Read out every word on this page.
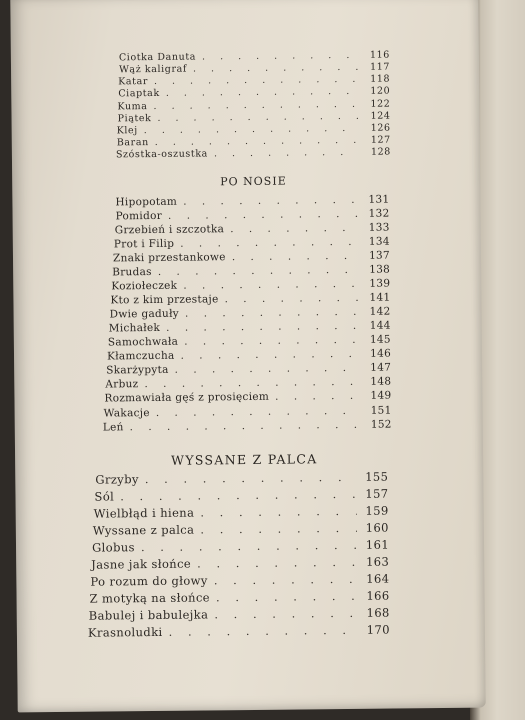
Ciotka Danuta . . .	116
Wąż kaligraf . . .	117
Katar . . .	118
Ciaptak . . .	120
Kuma . . .	122
Piątek . . .	124
Klej . . .	126
Baran . . .	127
Szóstka-oszustka . . .	128
PO NOSIE
Hipopotam . . .	131
Pomidor . . .	132
Grzebień i szczotka . . .	133
Prot i Filip . . .	134
Znaki przestankowe . . .	137
Brudas . . .	138
Koziołeczek . . .	139
Kto z kim przestaje . . .	141
Dwie gaduły . . .	142
Michałek . . .	144
Samochwała . . .	145
Kłamczucha . . .	146
Skarżypyta . . .	147
Arbuz . . .	148
Rozmawiała gęś z prosięciem . . .	149
Wakacje . . .	151
Leń . . .	152
WYSSANE Z PALCA
Grzyby . . .	155
Sól . . .	157
Wielbłąd i hiena . . .	159
Wyssane z palca . . .	160
Globus . . .	161
Jasne jak słońce . . .	163
Po rozum do głowy . . .	164
Z motyką na słońce . . .	166
Babulej i babulejka . . .	168
Krasnoludki . . .	170
